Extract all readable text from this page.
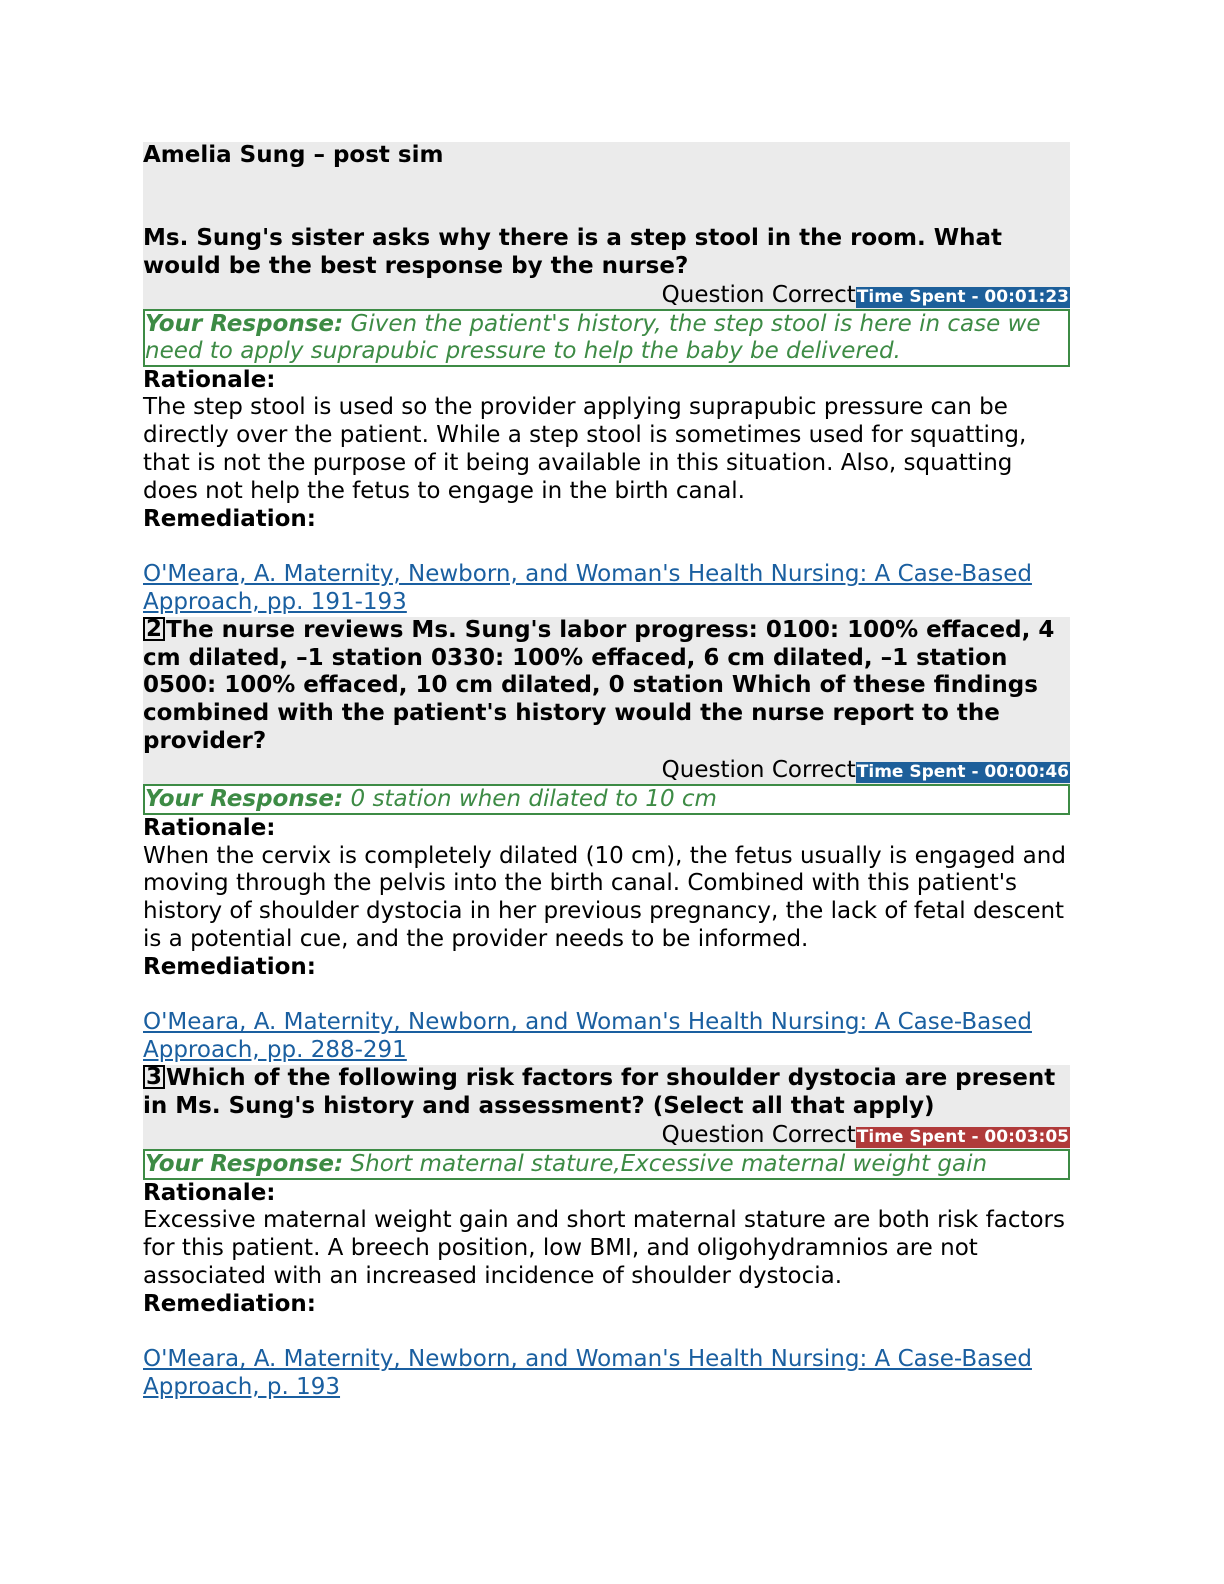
Amelia Sung – post sim
Ms. Sung's sister asks why there is a step stool in the room. What would be the best response by the nurse?
Question Correct Time Spent - 00:01:23
Your Response: Given the patient's history, the step stool is here in case we need to apply suprapubic pressure to help the baby be delivered.
Rationale:
The step stool is used so the provider applying suprapubic pressure can be directly over the patient. While a step stool is sometimes used for squatting, that is not the purpose of it being available in this situation. Also, squatting does not help the fetus to engage in the birth canal.
Remediation:
O'Meara, A. Maternity, Newborn, and Woman's Health Nursing: A Case-Based Approach, pp. 191-193
2 The nurse reviews Ms. Sung's labor progress: 0100: 100% effaced, 4 cm dilated, –1 station 0330: 100% effaced, 6 cm dilated, –1 station 0500: 100% effaced, 10 cm dilated, 0 station Which of these findings combined with the patient's history would the nurse report to the provider?
Question Correct Time Spent - 00:00:46
Your Response: 0 station when dilated to 10 cm
Rationale:
When the cervix is completely dilated (10 cm), the fetus usually is engaged and moving through the pelvis into the birth canal. Combined with this patient's history of shoulder dystocia in her previous pregnancy, the lack of fetal descent is a potential cue, and the provider needs to be informed.
Remediation:
O'Meara, A. Maternity, Newborn, and Woman's Health Nursing: A Case-Based Approach, pp. 288-291
3 Which of the following risk factors for shoulder dystocia are present in Ms. Sung's history and assessment? (Select all that apply)
Question Correct Time Spent - 00:03:05
Your Response: Short maternal stature,Excessive maternal weight gain
Rationale:
Excessive maternal weight gain and short maternal stature are both risk factors for this patient. A breech position, low BMI, and oligohydramnios are not associated with an increased incidence of shoulder dystocia.
Remediation:
O'Meara, A. Maternity, Newborn, and Woman's Health Nursing: A Case-Based Approach, p. 193
